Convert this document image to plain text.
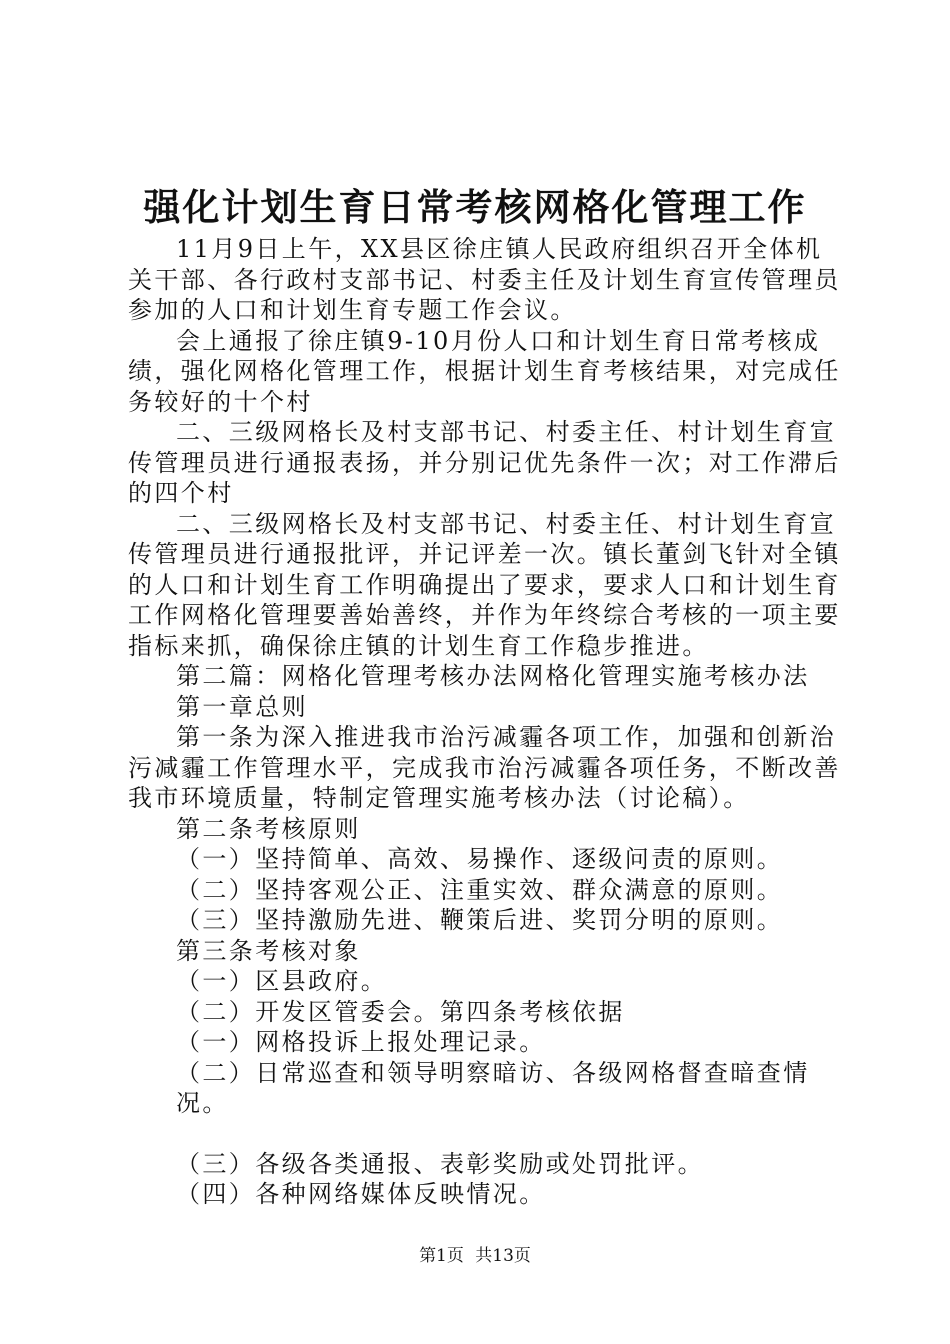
强化计划生育日常考核网格化管理工作

11月9日上午，XX县区徐庄镇人民政府组织召开全体机关干部、各行政村支部书记、村委主任及计划生育宣传管理员参加的人口和计划生育专题工作会议。

会上通报了徐庄镇9-10月份人口和计划生育日常考核成绩，强化网格化管理工作，根据计划生育考核结果，对完成任务较好的十个村

二、三级网格长及村支部书记、村委主任、村计划生育宣传管理员进行通报表扬，并分别记优先条件一次；对工作滞后的四个村

二、三级网格长及村支部书记、村委主任、村计划生育宣传管理员进行通报批评，并记评差一次。镇长董剑飞针对全镇的人口和计划生育工作明确提出了要求，要求人口和计划生育工作网格化管理要善始善终，并作为年终综合考核的一项主要指标来抓，确保徐庄镇的计划生育工作稳步推进。

第二篇：网格化管理考核办法网格化管理实施考核办法

第一章总则

第一条为深入推进我市治污减霾各项工作，加强和创新治污减霾工作管理水平，完成我市治污减霾各项任务，不断改善我市环境质量，特制定管理实施考核办法（讨论稿）。

第二条考核原则

（一）坚持简单、高效、易操作、逐级问责的原则。

（二）坚持客观公正、注重实效、群众满意的原则。

（三）坚持激励先进、鞭策后进、奖罚分明的原则。

第三条考核对象

（一）区县政府。

（二）开发区管委会。第四条考核依据

（一）网格投诉上报处理记录。

（二）日常巡查和领导明察暗访、各级网格督查暗查情况。

（三）各级各类通报、表彰奖励或处罚批评。

（四）各种网络媒体反映情况。

第1页 共13页
